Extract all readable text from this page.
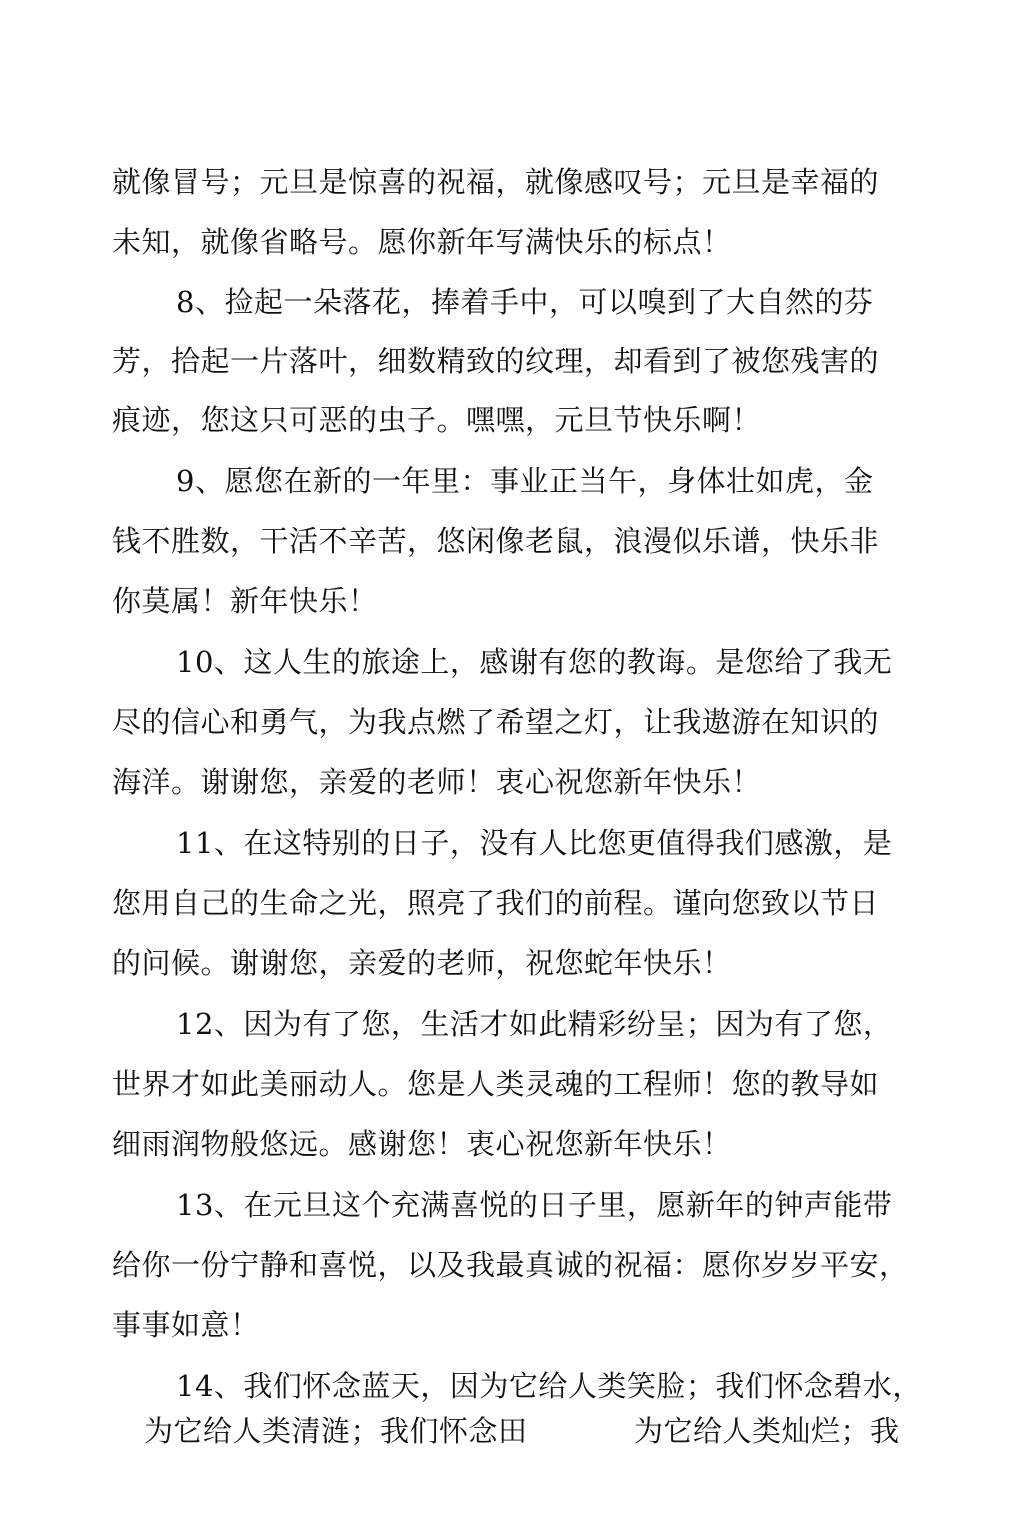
就像冒号；元旦是惊喜的祝福，就像感叹号；元旦是幸福的
未知，就像省略号。愿你新年写满快乐的标点！
8、捡起一朵落花，捧着手中，可以嗅到了大自然的芬
芳，拾起一片落叶，细数精致的纹理，却看到了被您残害的
痕迹，您这只可恶的虫子。嘿嘿，元旦节快乐啊！
9、愿您在新的一年里：事业正当午，身体壮如虎，金
钱不胜数，干活不辛苦，悠闲像老鼠，浪漫似乐谱，快乐非
你莫属！新年快乐！
10、这人生的旅途上，感谢有您的教诲。是您给了我无
尽的信心和勇气，为我点燃了希望之灯，让我遨游在知识的
海洋。谢谢您，亲爱的老师！衷心祝您新年快乐！
11、在这特别的日子，没有人比您更值得我们感激，是
您用自己的生命之光，照亮了我们的前程。谨向您致以节日
的问候。谢谢您，亲爱的老师，祝您蛇年快乐！
12、因为有了您，生活才如此精彩纷呈；因为有了您，
世界才如此美丽动人。您是人类灵魂的工程师！您的教导如
细雨润物般悠远。感谢您！衷心祝您新年快乐！
13、在元旦这个充满喜悦的日子里，愿新年的钟声能带
给你一份宁静和喜悦，以及我最真诚的祝福：愿你岁岁平安，
事事如意！
14、我们怀念蓝天，因为它给人类笑脸；我们怀念碧水，
为它给人类清涟；我们怀念田	为它给人类灿烂；我
